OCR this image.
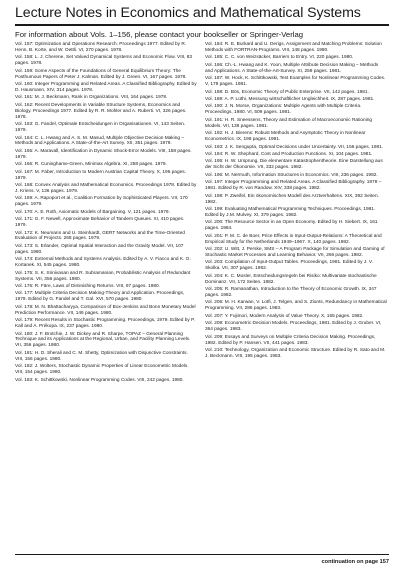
Lecture Notes in Economics and Mathematical Systems
For information about Vols. 1–156, please contact your bookseller or Springer-Verlag
Vol. 157: Optimization and Operations Research. Proceedings 1977. Edited by R. Henn, B. Korte, and W. Oettli. VI, 270 pages. 1978.
Vol. 158: L. J. Cherene, Set Valued Dynamical Systems and Economic Flow. VIII, 83 pages. 1978.
Vol. 159: Some Aspects of the Foundations of General Equilibrium Theory: The Posthumous Papers of Peter J. Kalman. Edited by J. Green. VI, 167 pages. 1978.
Vol. 160: Integer Programming and Related Areas. A Classified Bibliography. Edited by D. Hausmann. XIV, 314 pages. 1978.
Vol. 161: M. J. Beckmann, Rank in Organizations. VIII, 164 pages. 1978.
Vol. 162: Recent Developments in Variable Structure Systems, Economics and Biology. Proceedings 1977. Edited by R. R. Mohler and A. Ruberti. VI, 326 pages. 1978.
Vol. 163: G. Fandel, Optimale Entscheidungen in Organisationen. VI, 143 Seiten. 1979.
Vol. 164: C. L. Hwang and A. S. M. Masud, Multiple Objective Decision Making – Methods and Applications. A State-of-the-Art Survey. XII, 351 pages. 1979.
Vol. 165: A. Maravall, Identification in Dynamic Shock-Error Models. VIII, 158 pages. 1979.
Vol. 166: R. Cuninghame-Green, Minimax Algebra. XI, 258 pages. 1979.
Vol. 167: M. Faber, Introduction to Modern Austrian Capital Theory. X, 196 pages. 1979.
Vol. 168: Convex Analysis and Mathematical Economics. Proceedings 1978. Edited by J. Kriens. V, 136 pages. 1979.
Vol. 169: A. Rapoport et al., Coalition Formation by Sophisticated Players. VII, 170 pages. 1979.
Vol. 170: A. E. Roth, Axiomatic Models of Bargaining. V, 121 pages. 1979.
Vol. 171: G. F. Newell, Approximate Behavior of Tandem Queues. XI, 410 pages. 1979.
Vol. 172: K. Neumann and U. Steinhardt, GERT Networks and the Time-Oriented Evaluation of Projects. 268 pages. 1979.
Vol. 173: S. Erlander, Optimal Spatial Interaction and the Gravity Model. VII, 107 pages. 1980.
Vol. 174: Extremal Methods and Systems Analysis. Edited by A. V. Fiacco and K. O. Kortanek. XI, 545 pages. 1980.
Vol. 175: S. K. Srinivasan and R. Subramanian, Probabilistic Analysis of Redundant Systems. VII, 356 pages. 1980.
Vol. 176: R. Färe, Laws of Diminishing Returns. VIII, 97 pages. 1980.
Vol. 177: Multiple Criteria Decision Making-Theory and Application. Proceedings, 1979. Edited by G. Fandel and T. Gal. XVI, 570 pages. 1980.
Vol. 178: M. N. Bhattacharyya, Comparison of Box-Jenkins and Bonn Monetary Model Prediction Performance. VII, 146 pages. 1980.
Vol. 179: Recent Results in Stochastic Programming. Proceedings, 1979. Edited by P. Kall and A. Prékopa. IX, 237 pages. 1980.
Vol. 180: J. F. Brotchie, J. W. Dickey and R. Sharpe, TOPAZ – General Planning Technique and its Applications at the Regional, Urban, and Facility Planning Levels. VII, 356 pages. 1980.
Vol. 181: H. D. Sherali and C. M. Shetty, Optimization with Disjunctive Constraints. VIII, 156 pages. 1980.
Vol. 182: J. Wolters, Stochastic Dynamic Properties of Linear Econometric Models. VIII, 154 pages. 1980.
Vol. 183: K. Schittkowski, Nonlinear Programming Codes. VIII, 242 pages. 1980.
Vol. 184: R. E. Burkard and U. Derigs, Assignment and Matching Problems: Solution Methods with FORTRAN-Programs. VIII, 148 pages. 1980.
Vol. 185: C. C. von Weizsäcker, Barriers to Entry. VI, 220 pages. 1980.
Vol. 186: Ch.-L. Hwang and K. Yoon, Multiple Attribute Decision Making – Methods and Applications. A State-of-the-Art-Survey. XI, 259 pages. 1981.
Vol. 187: W. Hock, K. Schittkowski, Test Examples for Nonlinear Programming Codes. V, 178 pages. 1981.
Vol. 188: D. Bös, Economic Theory of Public Enterprise. VII, 142 pages. 1981.
Vol. 189: A. P. Lüthi, Messung wirtschaftlicher Ungleichheit. IX, 287 pages. 1981.
Vol. 190: J. N. Morse, Organizations: Multiple Agents with Multiple Criteria. Proceedings, 1980. VI, 509 pages. 1981.
Vol. 191: H. R. Sneessens, Theory and Estimation of Macroeconomic Rationing Models. VII, 138 pages. 1981.
Vol. 192: H. J. Bierens: Robust Methods and Asymptotic Theory in Nonlinear Econometrics. IX, 198 pages. 1981.
Vol. 193: J. K. Sengupta, Optimal Decisions under Uncertainty. VII, 156 pages. 1981.
Vol. 194: R. W. Shephard, Cost and Production Functions. XI, 104 pages. 1981.
Vol. 195: H. W. Ursprung, Die elementare Katastrophentheorie. Eine Darstellung aus der Sicht der Ökonomie. VII, 332 pages. 1982.
Vol. 196: M. Nermuth, Information Structures in Economics. VIII, 236 pages. 1982.
Vol. 197: Integer Programming and Related Areas. A Classified Bibliography. 1978 – 1981. Edited by R. von Randow. XIV, 338 pages. 1982.
Vol. 198: P. Zweifel, Ein ökonomisches Modell des Arztverhaltens. XIX, 392 Seiten. 1982.
Vol. 199: Evaluating Mathematical Programming Techniques. Proceedings, 1981. Edited by J.M. Mulvey. XI, 379 pages. 1982.
Vol. 200: The Resource Sector in an Open Economy. Edited by H. Siebert. IX, 161 pages. 1984.
Vol. 201: P. M. C. de Boer, Price Effects in Input-Output-Relations: A Theoretical and Empirical Study for the Netherlands 1949–1967. X, 140 pages. 1982.
Vol. 202: U. Witt, J. Perske, SMS – A Program Package for Simulation and Gaming of Stochastic Market Processes and Learning Behavior. VII, 266 pages. 1982.
Vol. 203: Compilation of Input-Output Tables. Proceedings, 1981. Edited by J. V. Skolka. VII, 307 pages. 1982.
Vol. 204: K. C. Mosler, Entscheidungsregeln bei Risiko: Multivariate stochastische Dominanz. VII, 172 Seiten. 1982.
Vol. 205: R. Ramanathan, Introduction to the Theory of Economic Growth. IX, 347 pages. 1982.
Vol. 206: M. H. Karwan, V. Lotfi, J. Telgen, and S. Zionts, Redundancy in Mathematical Programming. VII, 286 pages. 1983.
Vol. 207: Y. Fujimori, Modern Analysis of Value Theory. X, 165 pages. 1982.
Vol. 208: Econometric Decision Models. Proceedings, 1981. Edited by J. Gruber. VI, 364 pages. 1983.
Vol. 209: Essays and Surveys on Multiple Criteria Decision Making. Proceedings, 1982. Edited by P. Hansen. VII, 441 pages. 1983.
Vol. 210: Technology, Organization and Economic Structure. Edited by R. Sato and M. J. Beckmann. VIII, 195 pages. 1983.
continuation on page 157
